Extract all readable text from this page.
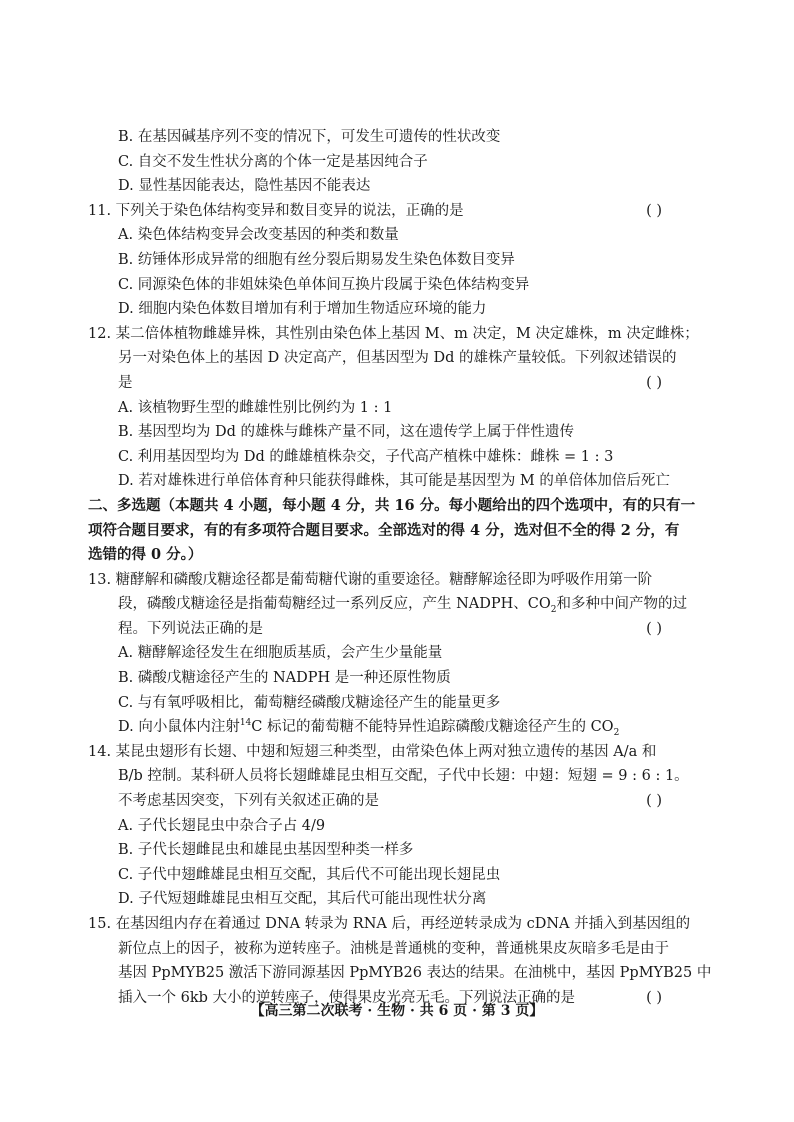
B. 在基因碱基序列不变的情况下，可发生可遗传的性状改变
C. 自交不发生性状分离的个体一定是基因纯合子
D. 显性基因能表达，隐性基因不能表达
11. 下列关于染色体结构变异和数目变异的说法，正确的是	( )
A. 染色体结构变异会改变基因的种类和数量
B. 纺锤体形成异常的细胞有丝分裂后期易发生染色体数目变异
C. 同源染色体的非姐妹染色单体间互换片段属于染色体结构变异
D. 细胞内染色体数目增加有利于增加生物适应环境的能力
12. 某二倍体植物雌雄异株，其性别由染色体上基因 M、m 决定，M 决定雄株，m 决定雌株；
另一对染色体上的基因 D 决定高产，但基因型为 Dd 的雄株产量较低。下列叙述错误的
是	( )
A. 该植物野生型的雌雄性别比例约为 1 : 1
B. 基因型均为 Dd 的雄株与雌株产量不同，这在遗传学上属于伴性遗传
C. 利用基因型均为 Dd 的雌雄植株杂交，子代高产植株中雄株：雌株 = 1 : 3
D. 若对雄株进行单倍体育种只能获得雌株，其可能是基因型为 M 的单倍体加倍后死亡
二、多选题（本题共 4 小题，每小题 4 分，共 16 分。每小题给出的四个选项中，有的只有一
项符合题目要求，有的有多项符合题目要求。全部选对的得 4 分，选对但不全的得 2 分，有
选错的得 0 分。）
13. 糖酵解和磷酸戊糖途径都是葡萄糖代谢的重要途径。糖酵解途径即为呼吸作用第一阶
段，磷酸戊糖途径是指葡萄糖经过一系列反应，产生 NADPH、$CO_2$和多种中间产物的过
程。下列说法正确的是	( )
A. 糖酵解途径发生在细胞质基质，会产生少量能量
B. 磷酸戊糖途径产生的 NADPH 是一种还原性物质
C. 与有氧呼吸相比，葡萄糖经磷酸戊糖途径产生的能量更多
D. 向小鼠体内注射$^{14}$C 标记的葡萄糖不能特异性追踪磷酸戊糖途径产生的 $CO_2$
14. 某昆虫翅形有长翅、中翅和短翅三种类型，由常染色体上两对独立遗传的基因 A/a 和
B/b 控制。某科研人员将长翅雌雄昆虫相互交配，子代中长翅：中翅：短翅 = 9 : 6 : 1。
不考虑基因突变，下列有关叙述正确的是	( )
A. 子代长翅昆虫中杂合子占 4/9
B. 子代长翅雌昆虫和雄昆虫基因型种类一样多
C. 子代中翅雌雄昆虫相互交配，其后代不可能出现长翅昆虫
D. 子代短翅雌雄昆虫相互交配，其后代可能出现性状分离
15. 在基因组内存在着通过 DNA 转录为 RNA 后，再经逆转录成为 cDNA 并插入到基因组的
新位点上的因子，被称为逆转座子。油桃是普通桃的变种，普通桃果皮灰暗多毛是由于
基因 PpMYB25 激活下游同源基因 PpMYB26 表达的结果。在油桃中，基因 PpMYB25 中
插入一个 6kb 大小的逆转座子，使得果皮光亮无毛。下列说法正确的是	( )
【高三第二次联考 · 生物 · 共 6 页 · 第 3 页】
